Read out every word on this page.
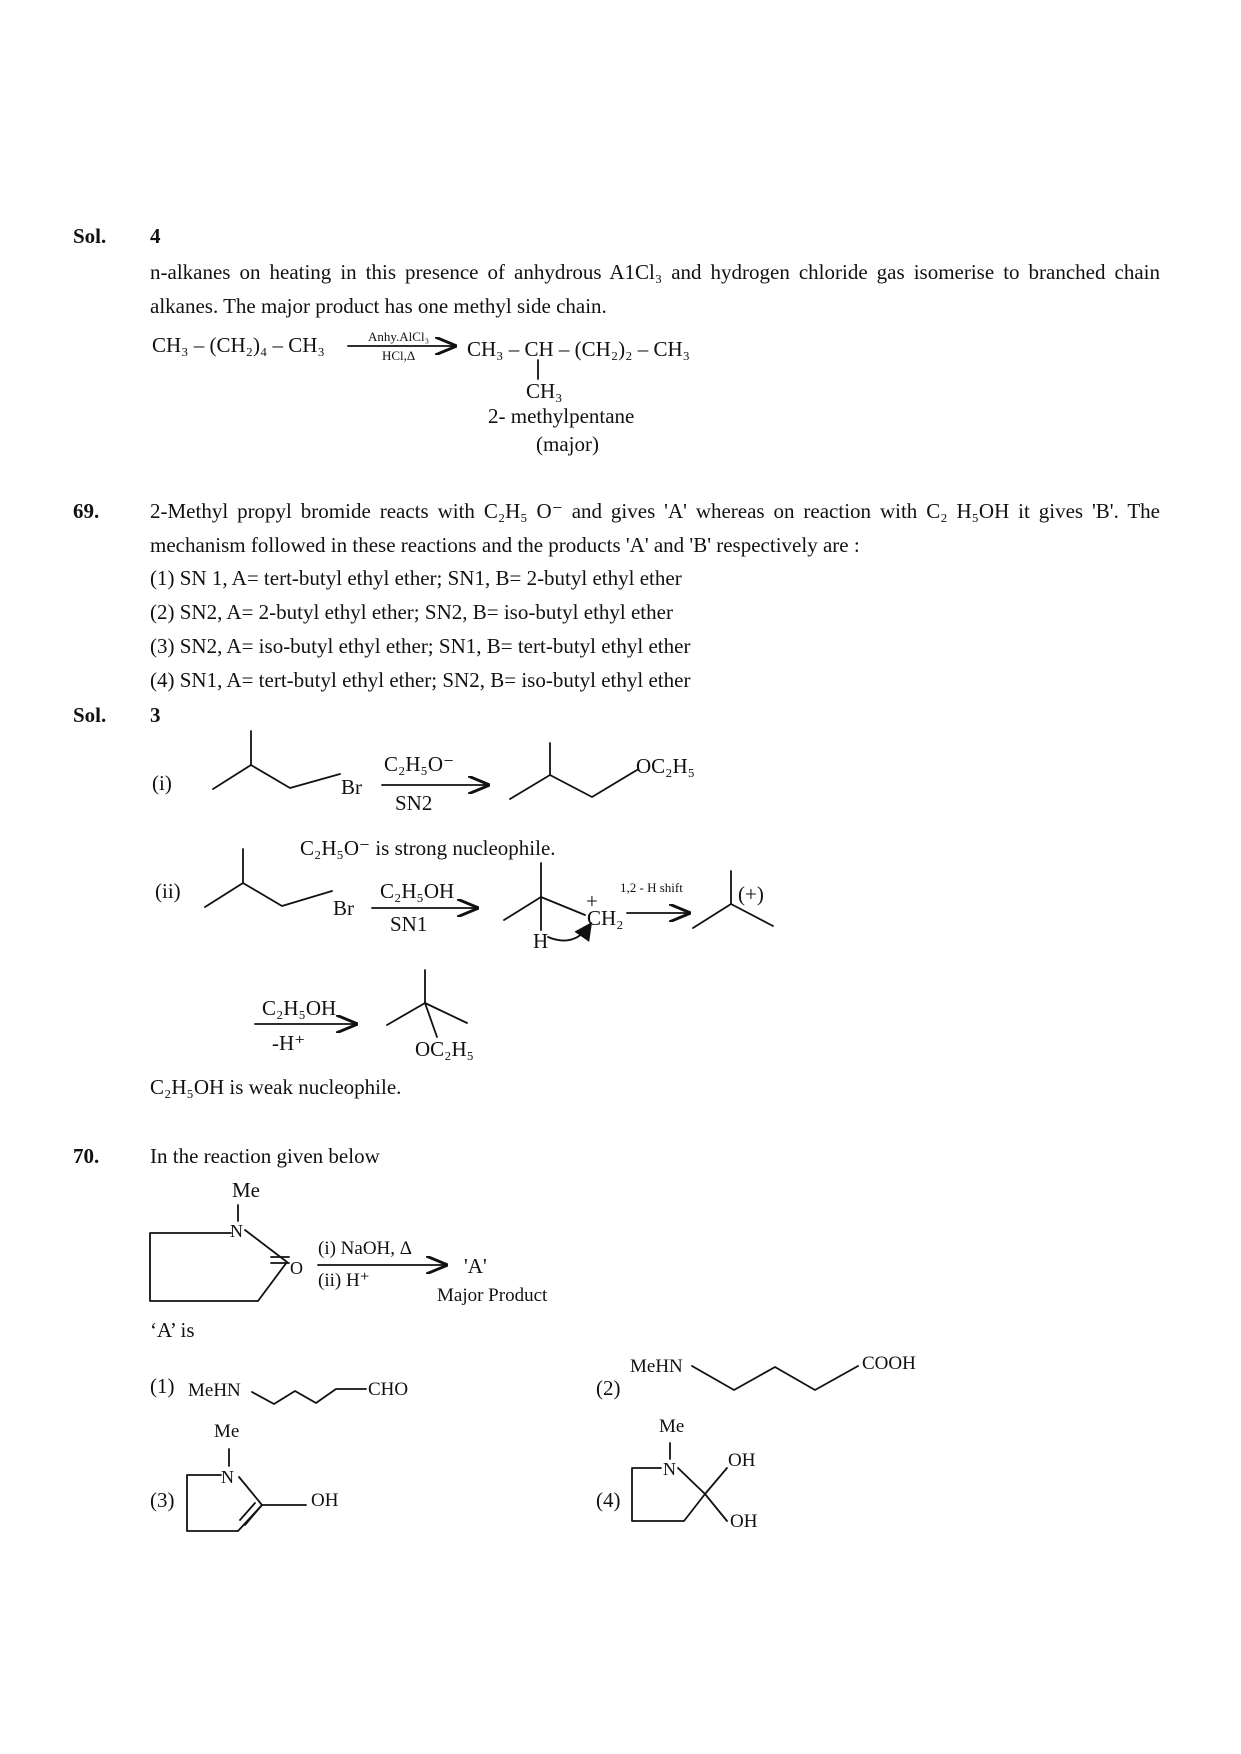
Sol. 4
n-alkanes on heating in this presence of anhydrous A1Cl₃ and hydrogen chloride gas isomerise to branched chain alkanes. The major product has one methyl side chain.
CH₃ – (CH₂)₄ – CH₃	Anhy.AlCl₃
HCl,Δ CH₃ – CH – (CH₂)₂ – CH₃
CH₃
2- methylpentane
(major)
69. 2-Methyl propyl bromide reacts with C₂H₅ O⁻ and gives 'A' whereas on reaction with C₂ H₅OH it gives 'B'. The mechanism followed in these reactions and the products 'A' and 'B' respectively are :
(1) SN 1, A= tert-butyl ethyl ether; SN1, B= 2-butyl ethyl ether
(2) SN2, A= 2-butyl ethyl ether; SN2, B= iso-butyl ethyl ether
(3) SN2, A= iso-butyl ethyl ether; SN1, B= tert-butyl ethyl ether
(4) SN1, A= tert-butyl ethyl ether; SN2, B= iso-butyl ethyl ether
Sol. 3
(i)	Br
C₂H₅O⁻
SN2
OC₂H₅
C₂H₅O⁻ is strong nucleophile.
(ii)
Br
C₂H₅OH
SN1
+
CH₂
H
1,2 - H shift	(+)
C₂H₅OH
-H⁺	OC₂H₅
C₂H₅OH is weak nucleophile.
70. In the reaction given below
Me
N
O
(i) NaOH, Δ
(ii) H⁺
'A'
Major Product
‘A’ is
(1) MeHN	CHO	(2)
MeHN	COOH
Me
N
(3)	OH
Me
N
(4)
OH
OH
